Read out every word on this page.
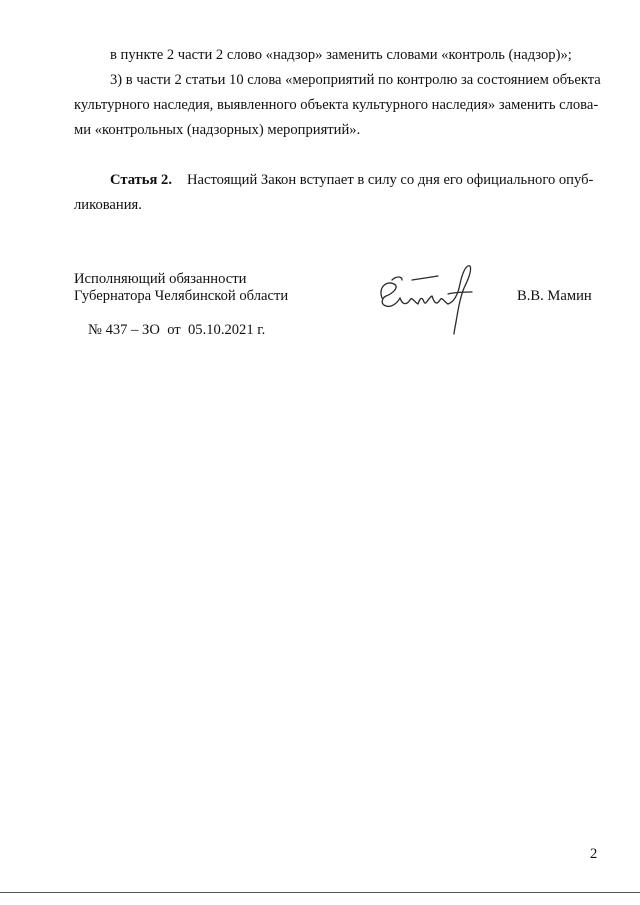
в пункте 2 части 2 слово «надзор» заменить словами «контроль (надзор)»;
3) в части 2 статьи 10 слова «мероприятий по контролю за состоянием объекта
культурного наследия, выявленного объекта культурного наследия» заменить слова-
ми «контрольных (надзорных) мероприятий».
Статья 2. Настоящий Закон вступает в силу со дня его официального опуб-
ликования.
Исполняющий обязанности
Губернатора Челябинской области	В.В. Мамин
№ 437 – ЗО  от  05.10.2021 г.
2
